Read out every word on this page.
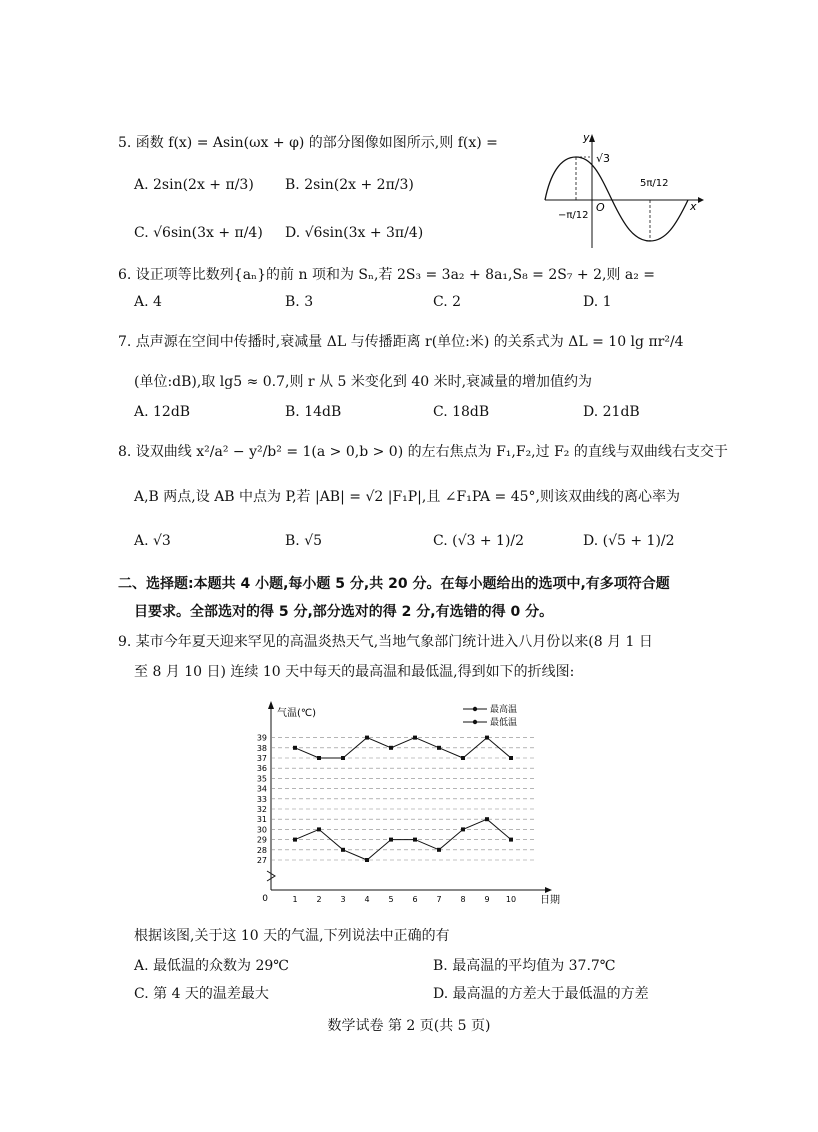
5. 函数 f(x) = Asin(ωx + φ) 的部分图像如图所示,则 f(x) =
A. 2sin(2x + π/3) B. 2sin(2x + 2π/3)
C. √6sin(3x + π/4) D. √6sin(3x + 3π/4)
y
x
O
√3
−π/12
5π/12
6. 设正项等比数列{aₙ}的前 n 项和为 Sₙ,若 2S₃ = 3a₂ + 8a₁,S₈ = 2S₇ + 2,则 a₂ =
A. 4	B. 3	C. 2	D. 1
7. 点声源在空间中传播时,衰减量 ΔL 与传播距离 r(单位:米) 的关系式为 ΔL = 10 lg πr²/4
(单位:dB),取 lg5 ≈ 0.7,则 r 从 5 米变化到 40 米时,衰减量的增加值约为
A. 12dB	B. 14dB	C. 18dB	D. 21dB
8. 设双曲线 x²/a² − y²/b² = 1(a > 0,b > 0) 的左右焦点为 F₁,F₂,过 F₂ 的直线与双曲线右支交于
A,B 两点,设 AB 中点为 P,若 |AB| = √2 |F₁P|,且 ∠F₁PA = 45°,则该双曲线的离心率为
A. √3	B. √5	C. (√3 + 1)/2	D. (√5 + 1)/2
二、选择题:本题共 4 小题,每小题 5 分,共 20 分。在每小题给出的选项中,有多项符合题
目要求。全部选对的得 5 分,部分选对的得 2 分,有选错的得 0 分。
9. 某市今年夏天迎来罕见的高温炎热天气,当地气象部门统计进入八月份以来(8 月 1 日
至 8 月 10 日) 连续 10 天中每天的最高温和最低温,得到如下的折线图:
气温(℃)
日期
0
27
28
29
30
31
32
33
34
35
36
37
38
39
1 2 3 4 5 6 7 8 9 10
最高温
最低温
根据该图,关于这 10 天的气温,下列说法中正确的有
A. 最低温的众数为 29℃	B. 最高温的平均值为 37.7℃
C. 第 4 天的温差最大	D. 最高温的方差大于最低温的方差
数学试卷 第 2 页(共 5 页)
